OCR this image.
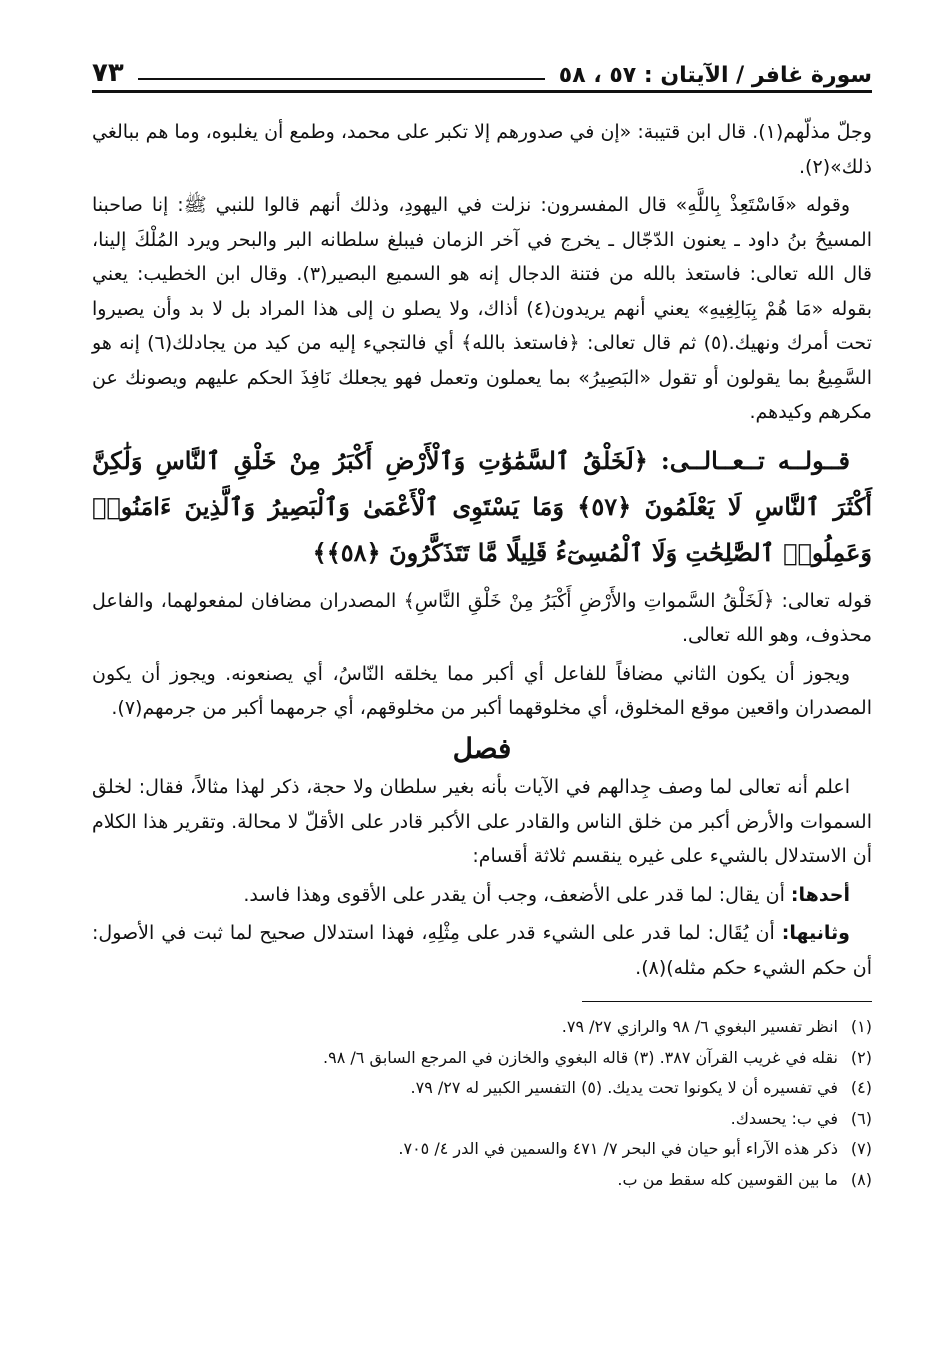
سورة غافر / الآيتان : ٥٧ ، ٥٨
٧٣

وجلّ مذلّهم(١). قال ابن قتيبة: «إن في صدورهم إلا تكبر على محمد، وطمع أن يغلبوه، وما هم ببالغي ذلك»(٢).

وقوله «فَاسْتَعِذْ بِاللَّهِ» قال المفسرون: نزلت في اليهودِ، وذلك أنهم قالوا للنبي ﷺ: إنا صاحبنا المسيحُ بنُ داود ـ يعنون الدّجّال ـ يخرج في آخر الزمان فيبلغ سلطانه البر والبحر ويرد المُلْكَ إلينا، قال الله تعالى: فاستعذ بالله من فتنة الدجال إنه هو السميع البصير(٣). وقال ابن الخطيب: يعني بقوله «مَا هُمْ بِبَالِغِيهِ» يعني أنهم يريدون(٤) أذاك، ولا يصلو ن إلى هذا المراد بل لا بد وأن يصيروا تحت أمرك ونهيك.(٥) ثم قال تعالى: ﴿فاستعذ بالله﴾ أي فالتجيء إليه من كيد من يجادلك(٦) إنه هو السَّمِيعُ بما يقولون أو تقول «البَصِيرُ» بما يعملون وتعمل فهو يجعلك نَافِذَ الحكم عليهم ويصونك عن مكرهم وكيدهم.

قــولــه تــعــالــى: ﴿لَخَلْقُ ٱلسَّمَٰوَٰتِ وَٱلْأَرْضِ أَكْبَرُ مِنْ خَلْقِ ٱلنَّاسِ وَلَٰكِنَّ أَكْثَرَ ٱلنَّاسِ لَا يَعْلَمُونَ ﴿٥٧﴾ وَمَا يَسْتَوِى ٱلْأَعْمَىٰ وَٱلْبَصِيرُ وَٱلَّذِينَ ءَامَنُوا۟ وَعَمِلُوا۟ ٱلصَّٰلِحَٰتِ وَلَا ٱلْمُسِىٓءُ قَلِيلًا مَّا تَتَذَكَّرُونَ ﴿٥٨﴾﴾

قوله تعالى: ﴿لَخَلْقُ السَّمواتِ والأَرْضِ أَكْبَرُ مِنْ خَلْقِ النَّاسِ﴾ المصدران مضافان لمفعولهما، والفاعل محذوف، وهو الله تعالى.

ويجوز أن يكون الثاني مضافاً للفاعل أي أكبر مما يخلقه النّاسُ، أي يصنعونه. ويجوز أن يكون المصدران واقعين موقع المخلوق، أي مخلوقهما أكبر من مخلوقهم، أي جرمهما أكبر من جرمهم(٧).

فصل

اعلم أنه تعالى لما وصف جِدالهم في الآيات بأنه بغير سلطان ولا حجة، ذكر لهذا مثالاً، فقال: لخلق السموات والأرض أكبر من خلق الناس والقادر على الأكبر قادر على الأقلّ لا محالة. وتقرير هذا الكلام أن الاستدلال بالشيء على غيره ينقسم ثلاثة أقسام:

أحدها: أن يقال: لما قدر على الأضعف، وجب أن يقدر على الأقوى وهذا فاسد.

وثانيها: أن يُقَال: لما قدر على الشيء قدر على مِثْلِهِ، فهذا استدلال صحيح لما ثبت في الأصول: أن حكم الشيء حكم مثله)(٨).

(١)
انظر تفسير البغوي ٦/ ٩٨ والرازي ٢٧/ ٧٩.
(٢)
نقله في غريب القرآن ٣٨٧. (٣) قاله البغوي والخازن في المرجع السابق ٦/ ٩٨.
(٤)
في تفسيره أن لا يكونوا تحت يديك. (٥) التفسير الكبير له ٢٧/ ٧٩.
(٦)
في ب: يحسدك.
(٧)
ذكر هذه الآراء أبو حيان في البحر ٧/ ٤٧١ والسمين في الدر ٤/ ٧٠٥.
(٨)
ما بين القوسين كله سقط من ب.
